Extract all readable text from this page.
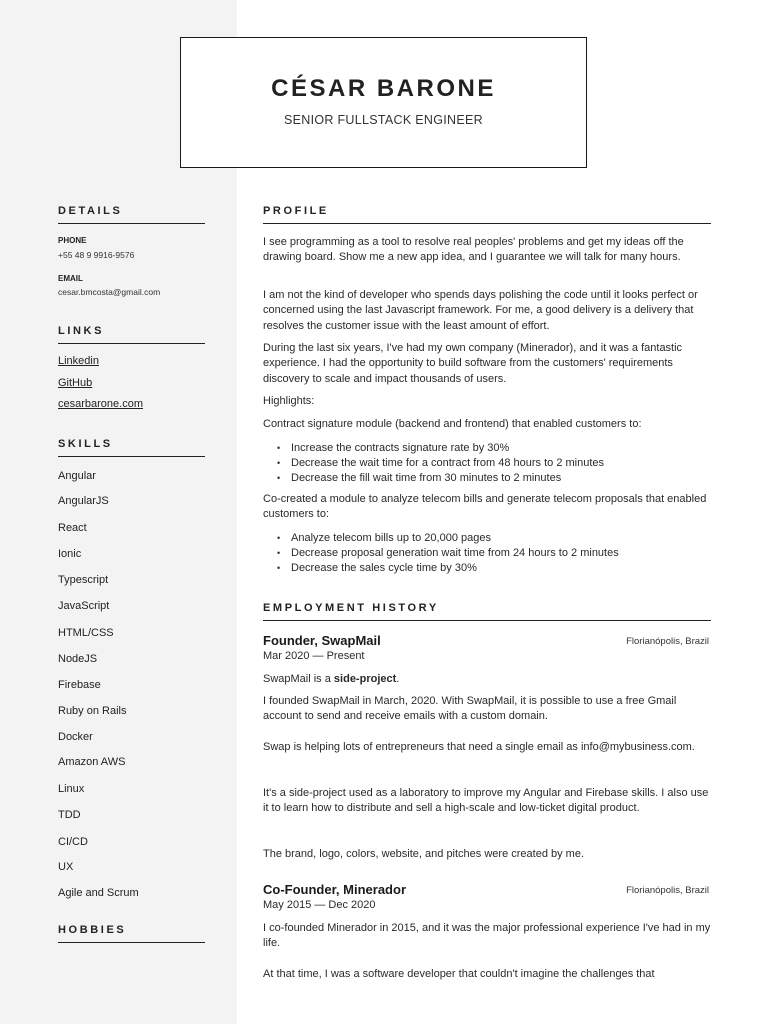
CÉSAR BARONE
SENIOR FULLSTACK ENGINEER
DETAILS
PHONE
+55 48 9 9916-9576
EMAIL
cesar.bmcosta@gmail.com
LINKS
Linkedin
GitHub
cesarbarone.com
SKILLS
Angular
AngularJS
React
Ionic
Typescript
JavaScript
HTML/CSS
NodeJS
Firebase
Ruby on Rails
Docker
Amazon AWS
Linux
TDD
CI/CD
UX
Agile and Scrum
HOBBIES
PROFILE

I see programming as a tool to resolve real peoples' problems and get my ideas off the drawing board. Show me a new app idea, and I guarantee we will talk for many hours.

I am not the kind of developer who spends days polishing the code until it looks perfect or concerned using the last Javascript framework. For me, a good delivery is a delivery that resolves the customer issue with the least amount of effort.

During the last six years, I've had my own company (Minerador), and it was a fantastic experience. I had the opportunity to build software from the customers' requirements discovery to scale and impact thousands of users.

Highlights:

Contract signature module (backend and frontend) that enabled customers to:

• Increase the contracts signature rate by 30%
• Decrease the wait time for a contract from 48 hours to 2 minutes
• Decrease the fill wait time from 30 minutes to 2 minutes

Co-created a module to analyze telecom bills and generate telecom proposals that enabled customers to:

• Analyze telecom bills up to 20,000 pages
• Decrease proposal generation wait time from 24 hours to 2 minutes
• Decrease the sales cycle time by 30%
EMPLOYMENT HISTORY
Founder, SwapMail	Florianópolis, Brazil
Mar 2020 — Present

SwapMail is a side-project.

I founded SwapMail in March, 2020. With SwapMail, it is possible to use a free Gmail account to send and receive emails with a custom domain.

Swap is helping lots of entrepreneurs that need a single email as info@mybusiness.com.

It's a side-project used as a laboratory to improve my Angular and Firebase skills. I also use it to learn how to distribute and sell a high-scale and low-ticket digital product.

The brand, logo, colors, website, and pitches were created by me.

Co-Founder, Minerador	Florianópolis, Brazil
May 2015 — Dec 2020

I co-founded Minerador in 2015, and it was the major professional experience I've had in my life.

At that time, I was a software developer that couldn't imagine the challenges that
